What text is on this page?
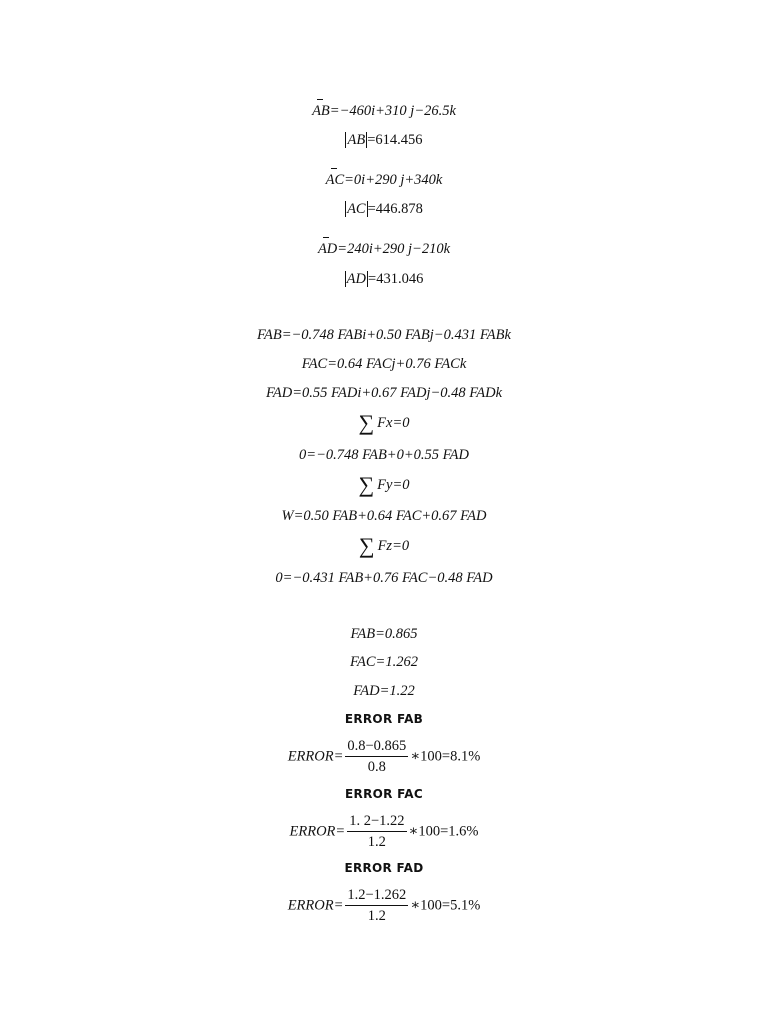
AB=−460i+310 j−26.5k
AB =614.456
AC=0i+290 j+340k
AC =446.878
AD=240i+290 j−210k
AD =431.046
FAB=−0.748 FABi+0.50 FABj−0.431 FABk
FAC=0.64 FACj+0.76 FACk
FAD=0.55 FADi+0.67 FADj−0.48 FADk
∑ Fx=0
0=−0.748 FAB+0+0.55 FAD
∑ Fy=0
W=0.50 FAB+0.64 FAC+0.67 FAD
∑ Fz=0
0=−0.431 FAB+0.76 FAC−0.48 FAD
FAB=0.865
FAC=1.262
FAD=1.22
ERROR FAB
ERROR= $\frac{0.8-0.865}{0.8}$ ∗100=8.1%
ERROR FAC
ERROR= $\frac{1. 2-1.22}{1.2}$ ∗100=1.6%
ERROR FAD
ERROR= $\frac{1.2-1.262}{1.2}$ ∗100=5.1%
